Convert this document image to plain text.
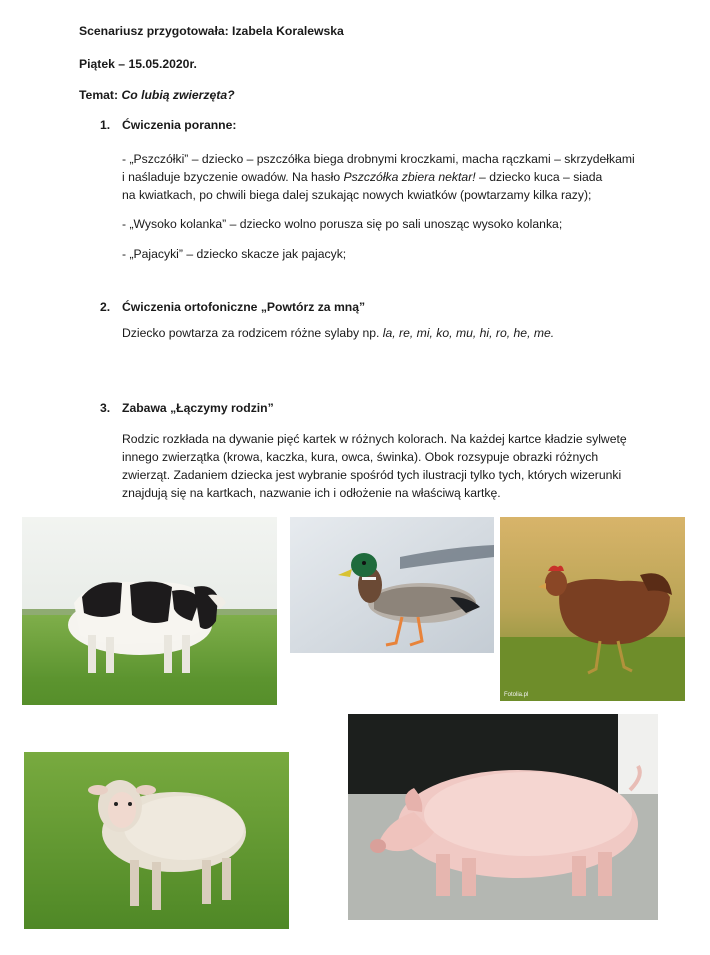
Scenariusz przygotowała: Izabela Koralewska
Piątek – 15.05.2020r.
Temat: Co lubią zwierzęta?
1. Ćwiczenia poranne:
- „Pszczółki” – dziecko – pszczółka biega drobnymi kroczkami, macha rączkami – skrzydełkami
i naśladuje bzyczenie owadów. Na hasło Pszczółka zbiera nektar! – dziecko kuca – siada
na kwiatkach, po chwili biega dalej szukając nowych kwiatków (powtarzamy kilka razy);
- „Wysoko kolanka” – dziecko wolno porusza się po sali unosząc wysoko kolanka;
- „Pajacyki” – dziecko skacze jak pajacyk;
2. Ćwiczenia ortofoniczne „Powtórz za mną”
Dziecko powtarza za rodzicem różne sylaby np. la, re, mi, ko, mu, hi, ro, he, me.
3. Zabawa „Łączymy rodzin”
Rodzic rozkłada na dywanie pięć kartek w różnych kolorach. Na każdej kartce kładzie sylwetę
innego zwierzątka (krowa, kaczka, kura, owca, świnka). Obok rozsypuje obrazki różnych
zwierząt. Zadaniem dziecka jest wybranie spośród tych ilustracji tylko tych, których wizerunki
znajdują się na kartkach, nazwanie ich i odłożenie na właściwą kartkę.
Fotolia.pl
